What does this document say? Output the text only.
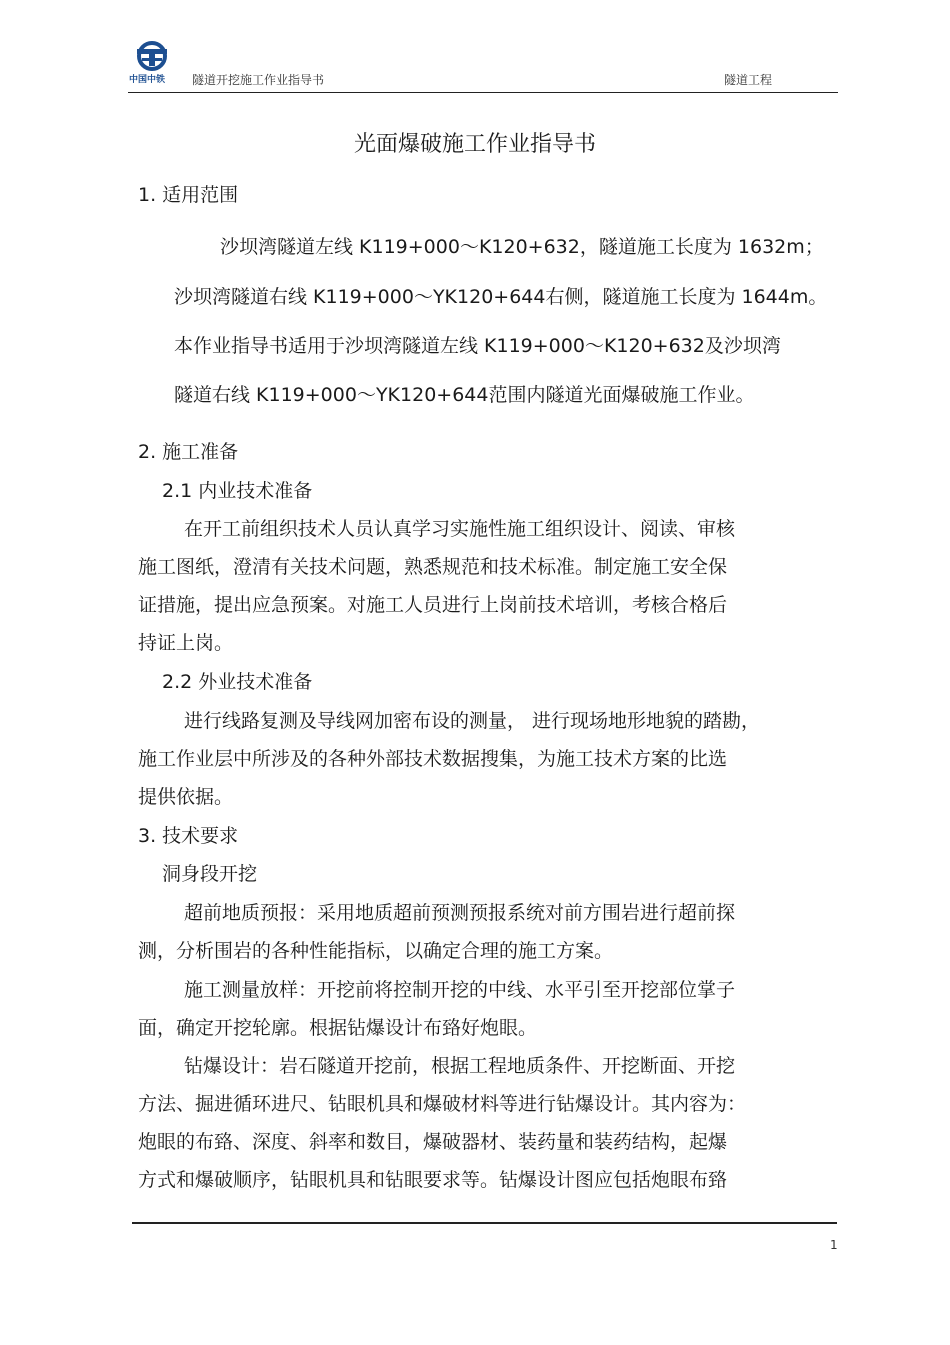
中国中铁 隧道开挖施工作业指导书	隧道工程
光面爆破施工作业指导书
1. 适用范围
沙坝湾隧道左线 K119+000～K120+632，隧道施工长度为 1632m；
沙坝湾隧道右线 K119+000～YK120+644右侧，隧道施工长度为 1644m。
本作业指导书适用于沙坝湾隧道左线 K119+000～K120+632及沙坝湾
隧道右线 K119+000～YK120+644范围内隧道光面爆破施工作业。
2. 施工准备
2.1 内业技术准备
在开工前组织技术人员认真学习实施性施工组织设计、阅读、审核
施工图纸，澄清有关技术问题，熟悉规范和技术标准。制定施工安全保
证措施，提出应急预案。对施工人员进行上岗前技术培训，考核合格后
持证上岗。
2.2 外业技术准备
进行线路复测及导线网加密布设的测量， 进行现场地形地貌的踏勘，
施工作业层中所涉及的各种外部技术数据搜集，为施工技术方案的比选
提供依据。
3. 技术要求
洞身段开挖
超前地质预报：采用地质超前预测预报系统对前方围岩进行超前探
测，分析围岩的各种性能指标，以确定合理的施工方案。
施工测量放样：开挖前将控制开挖的中线、水平引至开挖部位掌子
面，确定开挖轮廓。根据钻爆设计布臵好炮眼。
钻爆设计：岩石隧道开挖前，根据工程地质条件、开挖断面、开挖
方法、掘进循环进尺、钻眼机具和爆破材料等进行钻爆设计。其内容为：
炮眼的布臵、深度、斜率和数目，爆破器材、装药量和装药结构，起爆
方式和爆破顺序，钻眼机具和钻眼要求等。钻爆设计图应包括炮眼布臵
1
